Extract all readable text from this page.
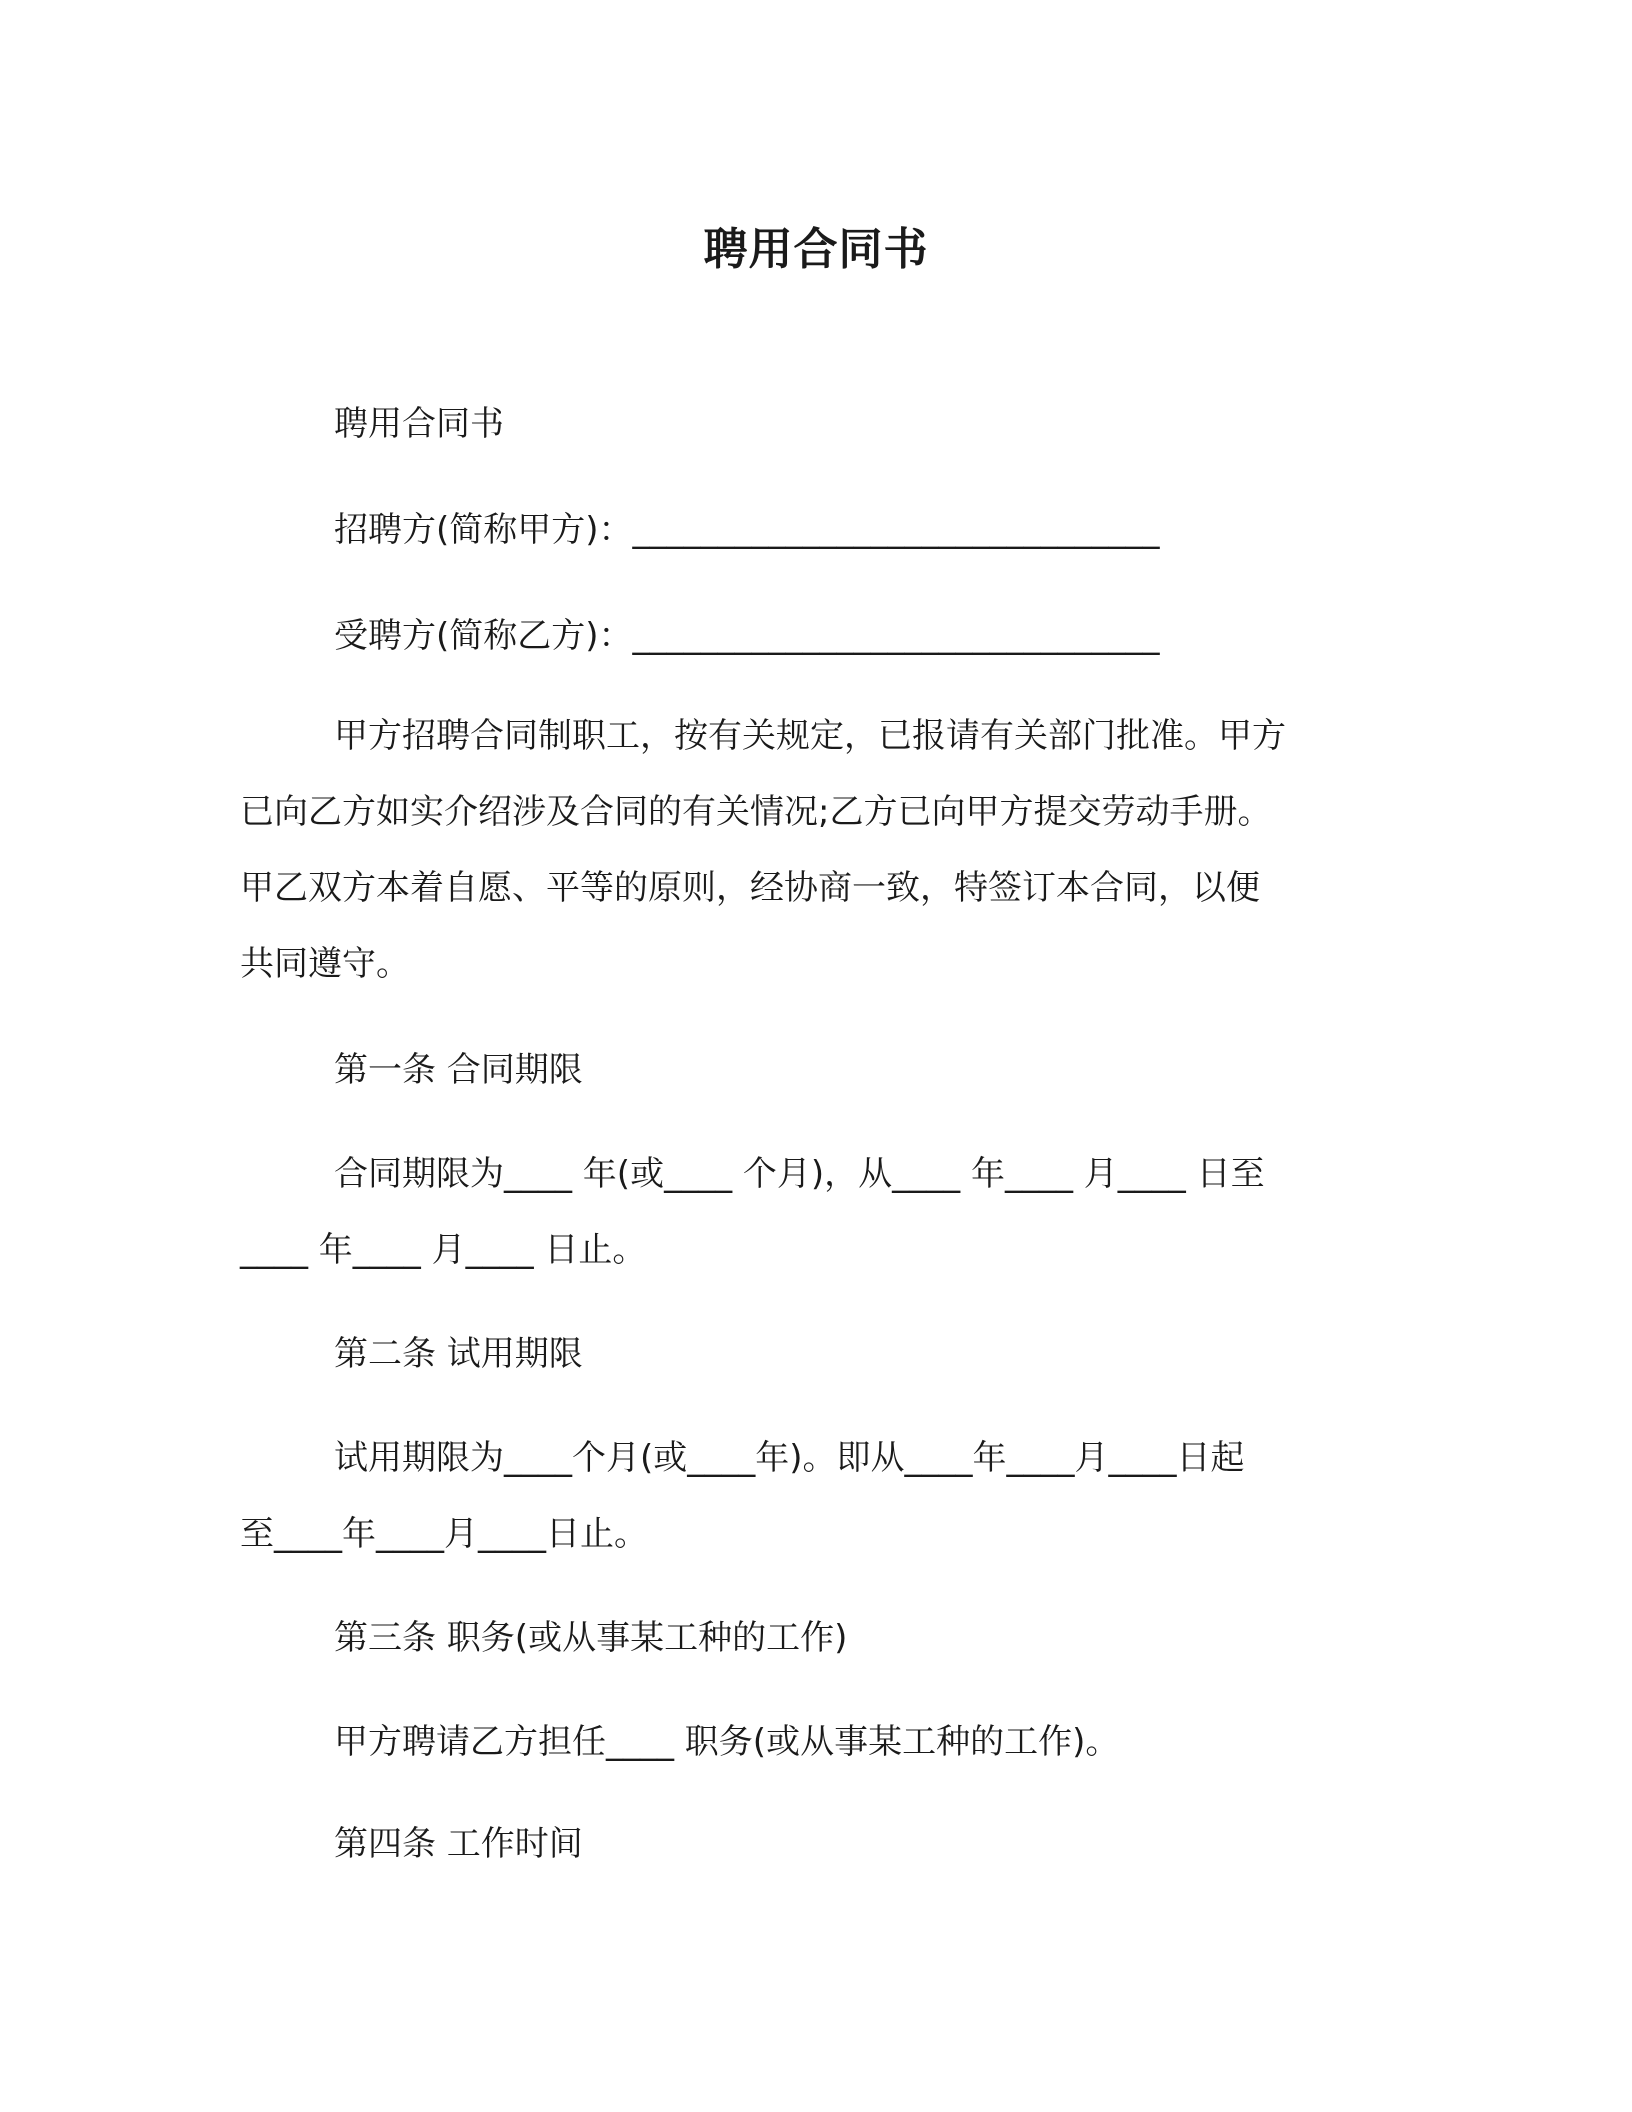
聘用合同书
聘用合同书
招聘方(简称甲方)：_______________________________
受聘方(简称乙方)：_______________________________
甲方招聘合同制职工，按有关规定，已报请有关部门批准。甲方
已向乙方如实介绍涉及合同的有关情况;乙方已向甲方提交劳动手册。
甲乙双方本着自愿、平等的原则，经协商一致，特签订本合同，以便
共同遵守。
第一条 合同期限
合同期限为____ 年(或____ 个月)，从____ 年____ 月____ 日至
____ 年____ 月____ 日止。
第二条 试用期限
试用期限为____个月(或____年)。即从____年____月____日起
至____年____月____日止。
第三条 职务(或从事某工种的工作)
甲方聘请乙方担任____ 职务(或从事某工种的工作)。
第四条 工作时间
